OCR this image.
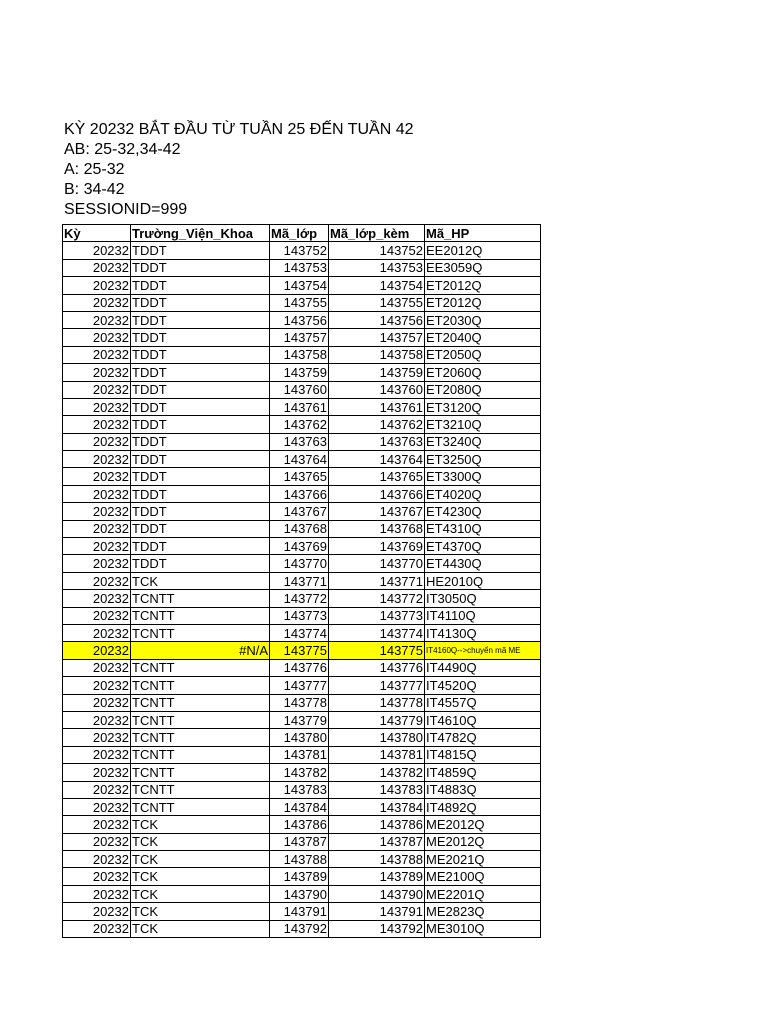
KỲ 20232 BẮT ĐẦU TỪ TUẦN 25 ĐẾN TUẦN 42
AB: 25-32,34-42
A: 25-32
B: 34-42
SESSIONID=999
Kỳ	Trường_Viện_Khoa	Mã_lớp	Mã_lớp_kèm	Mã_HP
20232	TDDT	143752	143752	EE2012Q
20232	TDDT	143753	143753	EE3059Q
20232	TDDT	143754	143754	ET2012Q
20232	TDDT	143755	143755	ET2012Q
20232	TDDT	143756	143756	ET2030Q
20232	TDDT	143757	143757	ET2040Q
20232	TDDT	143758	143758	ET2050Q
20232	TDDT	143759	143759	ET2060Q
20232	TDDT	143760	143760	ET2080Q
20232	TDDT	143761	143761	ET3120Q
20232	TDDT	143762	143762	ET3210Q
20232	TDDT	143763	143763	ET3240Q
20232	TDDT	143764	143764	ET3250Q
20232	TDDT	143765	143765	ET3300Q
20232	TDDT	143766	143766	ET4020Q
20232	TDDT	143767	143767	ET4230Q
20232	TDDT	143768	143768	ET4310Q
20232	TDDT	143769	143769	ET4370Q
20232	TDDT	143770	143770	ET4430Q
20232	TCK	143771	143771	HE2010Q
20232	TCNTT	143772	143772	IT3050Q
20232	TCNTT	143773	143773	IT4110Q
20232	TCNTT	143774	143774	IT4130Q
20232	#N/A	143775	143775	IT4160Q-->chuyển mã ME
20232	TCNTT	143776	143776	IT4490Q
20232	TCNTT	143777	143777	IT4520Q
20232	TCNTT	143778	143778	IT4557Q
20232	TCNTT	143779	143779	IT4610Q
20232	TCNTT	143780	143780	IT4782Q
20232	TCNTT	143781	143781	IT4815Q
20232	TCNTT	143782	143782	IT4859Q
20232	TCNTT	143783	143783	IT4883Q
20232	TCNTT	143784	143784	IT4892Q
20232	TCK	143786	143786	ME2012Q
20232	TCK	143787	143787	ME2012Q
20232	TCK	143788	143788	ME2021Q
20232	TCK	143789	143789	ME2100Q
20232	TCK	143790	143790	ME2201Q
20232	TCK	143791	143791	ME2823Q
20232	TCK	143792	143792	ME3010Q
